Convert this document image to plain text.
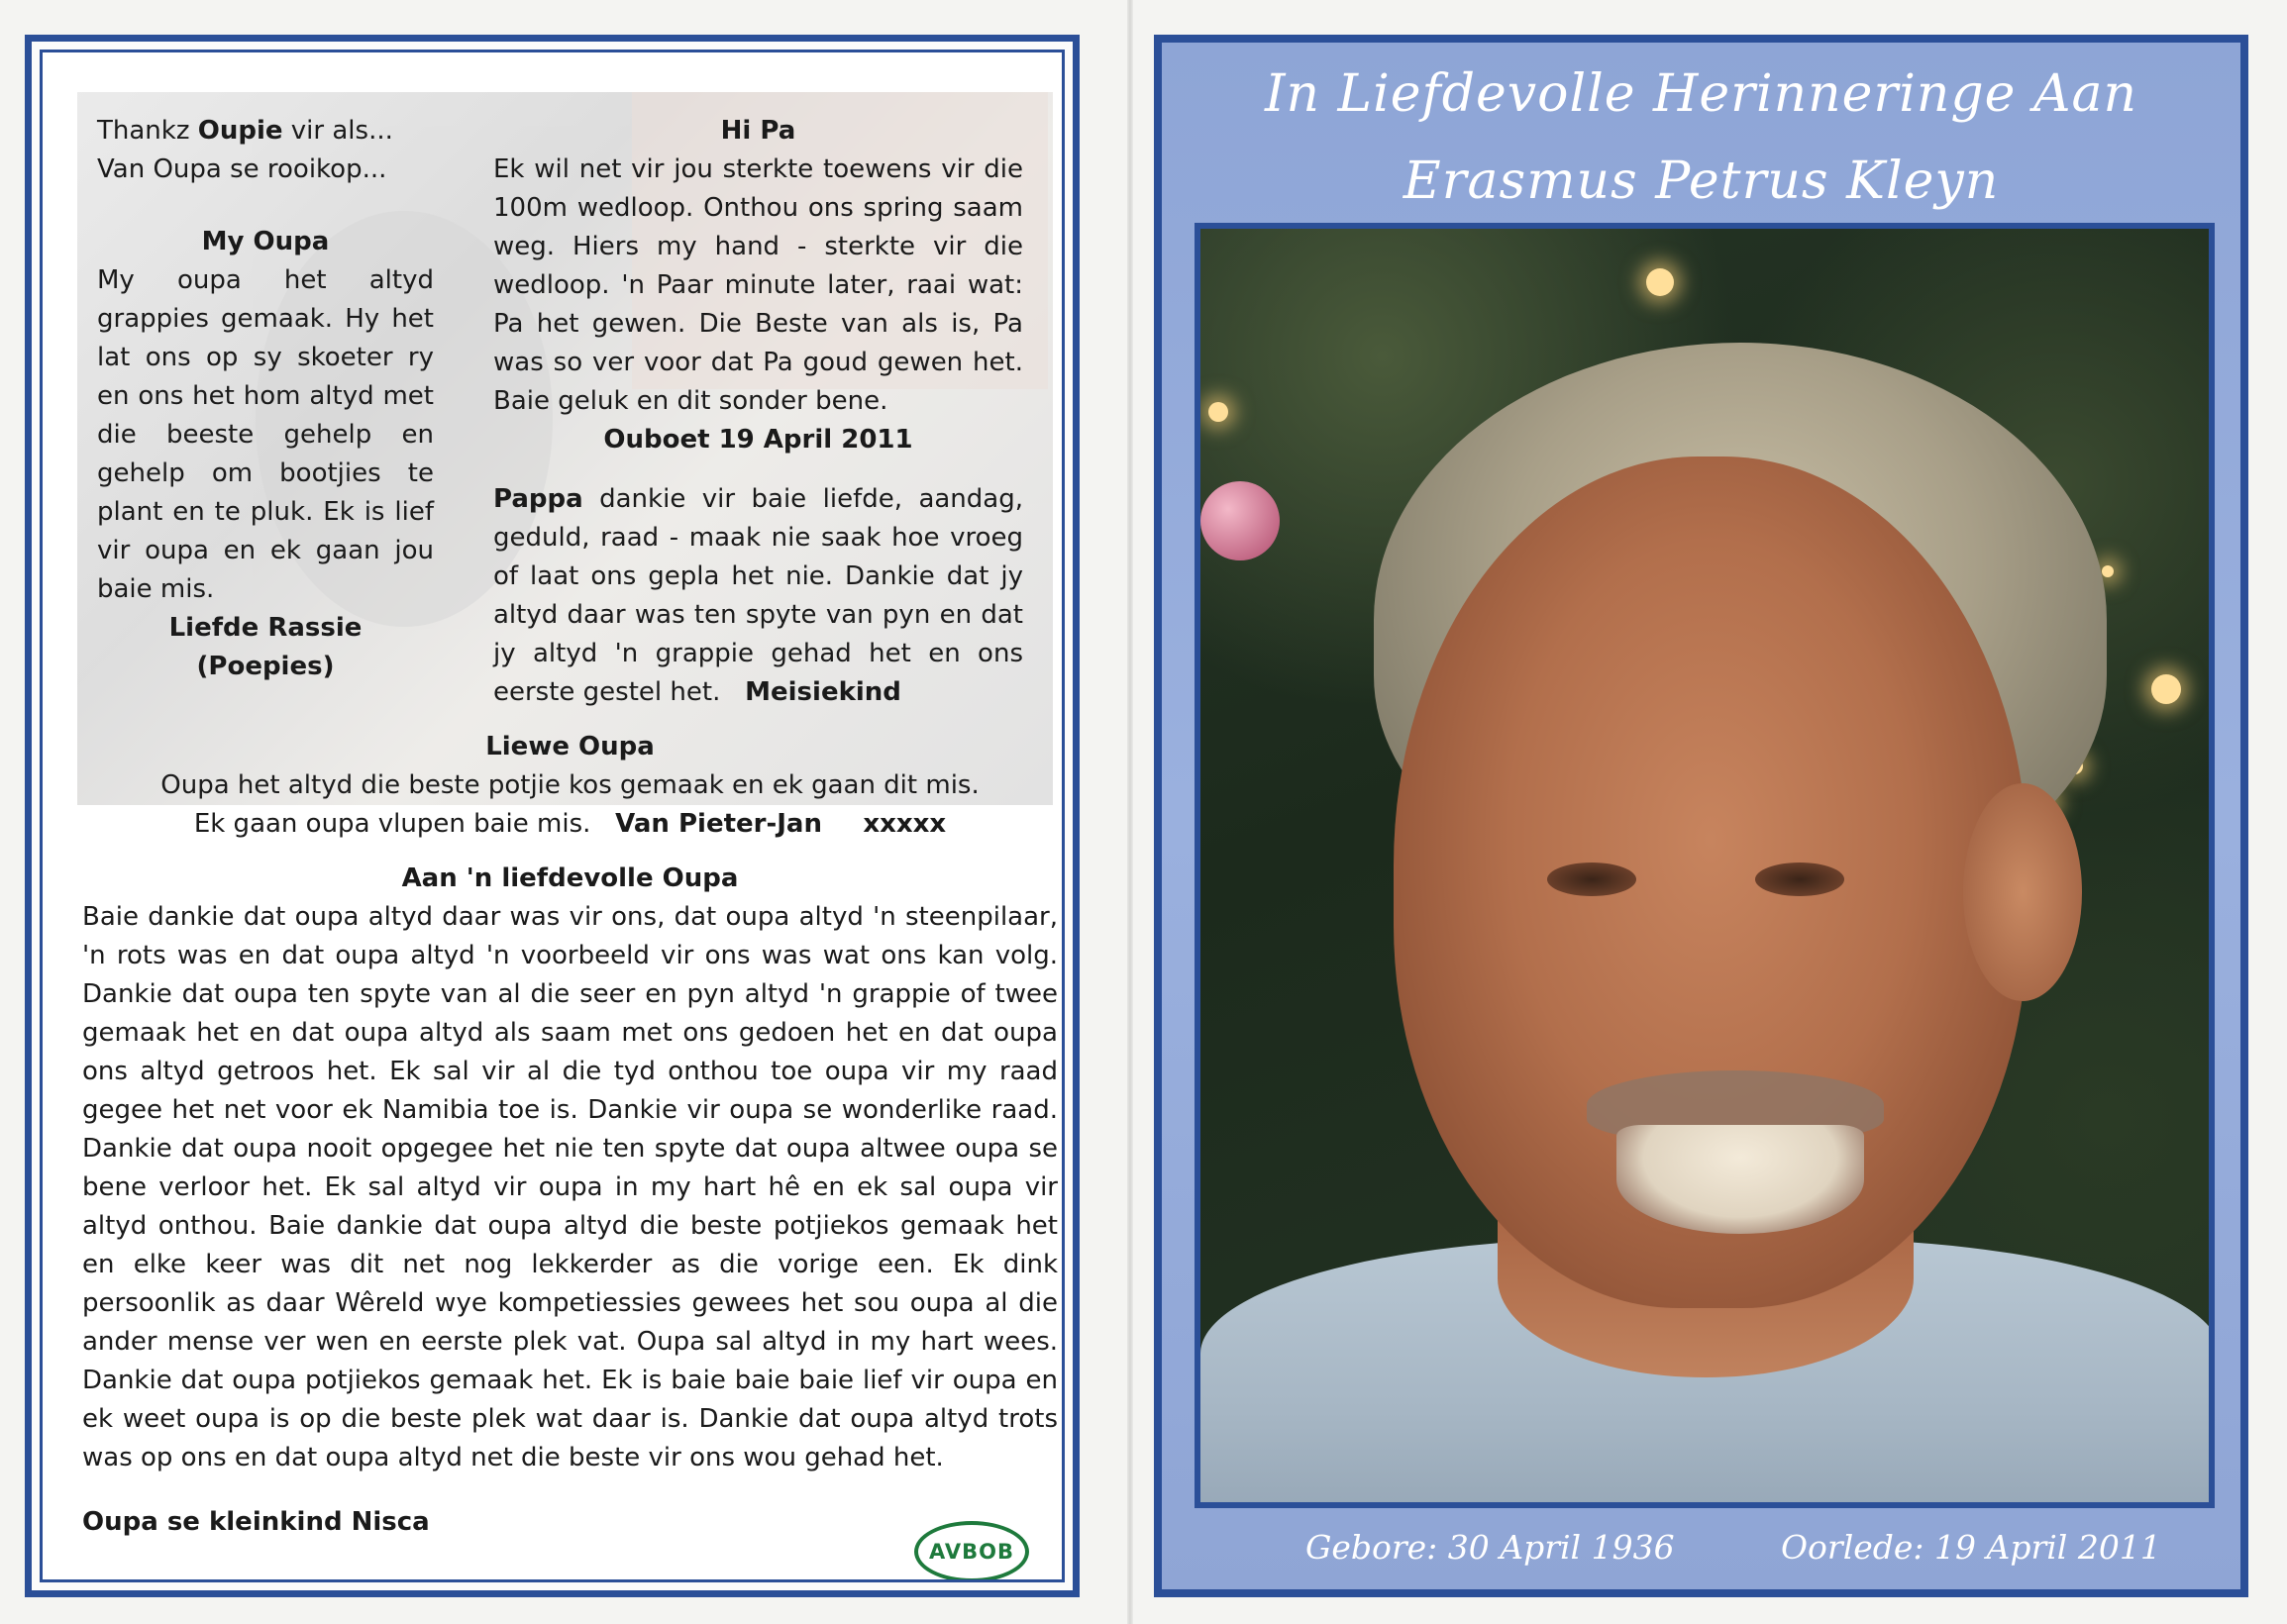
Thankz Oupie vir als...
Van Oupa se rooikop...
My Oupa
My oupa het altyd grappies gemaak. Hy het lat ons op sy skoeter ry en ons het hom altyd met die beeste gehelp en gehelp om bootjies te plant en te pluk. Ek is lief vir oupa en ek gaan jou baie mis.
Liefde Rassie
(Poepies)
Hi Pa
Ek wil net vir jou sterkte toewens vir die 100m wedloop. Onthou ons spring saam weg. Hiers my hand - sterkte vir die wedloop. 'n Paar minute later, raai wat: Pa het gewen. Die Beste van als is, Pa was so ver voor dat Pa goud gewen het. Baie geluk en dit sonder bene.
Ouboet 19 April 2011
Pappa dankie vir baie liefde, aandag, geduld, raad - maak nie saak hoe vroeg of laat ons gepla het nie. Dankie dat jy altyd daar was ten spyte van pyn en dat jy altyd 'n grappie gehad het en ons eerste gestel het. Meisiekind
Liewe Oupa
Oupa het altyd die beste potjie kos gemaak en ek gaan dit mis.
Ek gaan oupa vlupen baie mis. Van Pieter-Jan xxxxx
Aan 'n liefdevolle Oupa
Baie dankie dat oupa altyd daar was vir ons, dat oupa altyd 'n steenpilaar, 'n rots was en dat oupa altyd 'n voorbeeld vir ons was wat ons kan volg. Dankie dat oupa ten spyte van al die seer en pyn altyd 'n grappie of twee gemaak het en dat oupa altyd als saam met ons gedoen het en dat oupa ons altyd getroos het. Ek sal vir al die tyd onthou toe oupa vir my raad gegee het net voor ek Namibia toe is. Dankie vir oupa se wonderlike raad. Dankie dat oupa nooit opgegee het nie ten spyte dat oupa altwee oupa se bene verloor het. Ek sal altyd vir oupa in my hart hê en ek sal oupa vir altyd onthou. Baie dankie dat oupa altyd die beste potjiekos gemaak het en elke keer was dit net nog lekkerder as die vorige een. Ek dink persoonlik as daar Wêreld wye kompetiessies gewees het sou oupa al die ander mense ver wen en eerste plek vat. Oupa sal altyd in my hart wees. Dankie dat oupa potjiekos gemaak het. Ek is baie baie baie lief vir oupa en ek weet oupa is op die beste plek wat daar is. Dankie dat oupa altyd trots was op ons en dat oupa altyd net die beste vir ons wou gehad het.
Oupa se kleinkind Nisca
AVBOB
In Liefdevolle Herinneringe Aan
Erasmus Petrus Kleyn
Gebore: 30 April 1936	Oorlede: 19 April 2011
